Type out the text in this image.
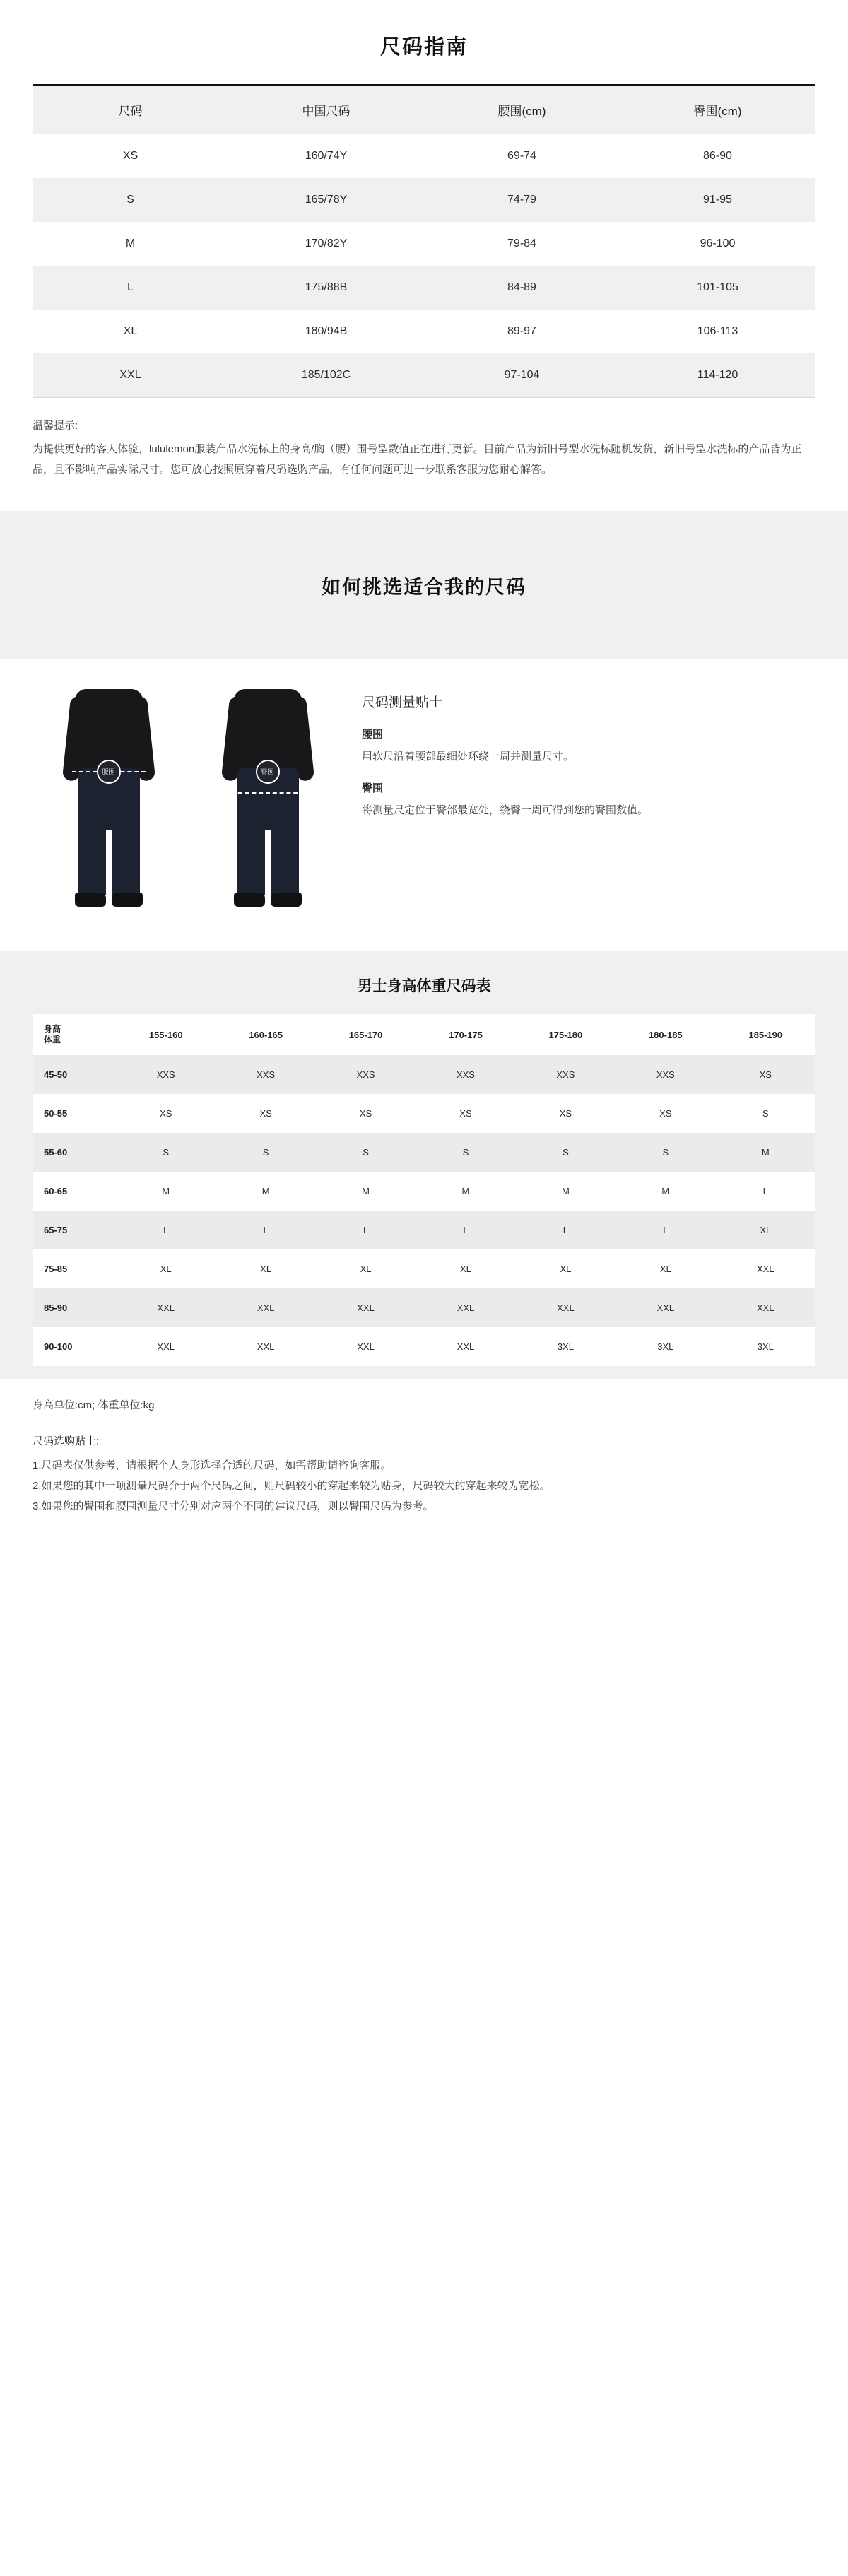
尺码指南
尺码	中国尺码	腰围(cm)	臀围(cm)
XS	160/74Y	69-74	86-90
S	165/78Y	74-79	91-95
M	170/82Y	79-84	96-100
L	175/88B	84-89	101-105
XL	180/94B	89-97	106-113
XXL	185/102C	97-104	114-120
温馨提示:
为提供更好的客人体验，lululemon服装产品水洗标上的身高/胸（腰）围号型数值正在进行更新。目前产品为新旧号型水洗标随机发货，新旧号型水洗标的产品皆为正品，且不影响产品实际尺寸。您可放心按照原穿着尺码选购产品，有任何问题可进一步联系客服为您耐心解答。
如何挑选适合我的尺码
腰围	臀围
尺码测量贴士
腰围
用软尺沿着腰部最细处环绕一周并测量尺寸。
臀围
将测量尺定位于臀部最宽处，绕臀一周可得到您的臀围数值。
男士身高体重尺码表
身高
体重	155-160	160-165	165-170	170-175	175-180	180-185	185-190
45-50	XXS	XXS	XXS	XXS	XXS	XXS	XS
50-55	XS	XS	XS	XS	XS	XS	S
55-60	S	S	S	S	S	S	M
60-65	M	M	M	M	M	M	L
65-75	L	L	L	L	L	L	XL
75-85	XL	XL	XL	XL	XL	XL	XXL
85-90	XXL	XXL	XXL	XXL	XXL	XXL	XXL
90-100	XXL	XXL	XXL	XXL	3XL	3XL	3XL
身高单位:cm; 体重单位:kg
尺码选购贴士:
1.尺码表仅供参考，请根据个人身形选择合适的尺码，如需帮助请咨询客服。
2.如果您的其中一项测量尺码介于两个尺码之间，则尺码较小的穿起来较为贴身，尺码较大的穿起来较为宽松。
3.如果您的臀围和腰围测量尺寸分别对应两个不同的建议尺码，则以臀围尺码为参考。
